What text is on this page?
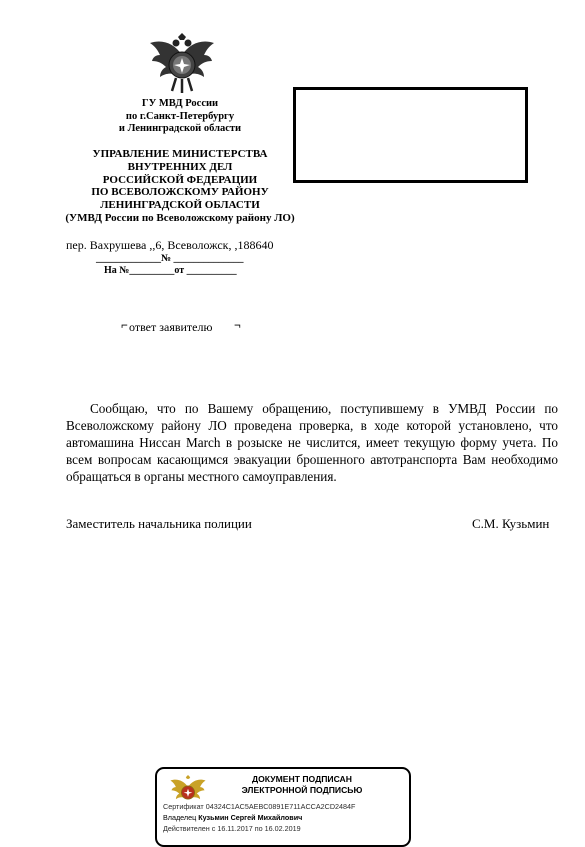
ГУ МВД России
по г.Санкт-Петербургу
и Ленинградской области
УПРАВЛЕНИЕ МИНИСТЕРСТВА
ВНУТРЕННИХ ДЕЛ
РОССИЙСКОЙ ФЕДЕРАЦИИ
ПО ВСЕВОЛОЖСКОМУ РАЙОНУ
ЛЕНИНГРАДСКОЙ ОБЛАСТИ
(УМВД России по Всеволожскому району ЛО)
пер. Вахрушева ,,6, Всеволожск, ,188640
_____________№ ______________
На №_________от __________
⌐ ответ заявителю ¬

Сообщаю, что по Вашему обращению, поступившему в УМВД России по Всеволожскому району ЛО проведена проверка, в ходе которой установлено, что автомашина Ниссан March в розыске не числится, имеет текущую форму учета. По всем вопросам касающимся эвакуации брошенного автотранспорта Вам необходимо обращаться в органы местного самоуправления.

Заместитель начальника полиции	С.М. Кузьмин
ДОКУМЕНТ ПОДПИСАН
ЭЛЕКТРОННОЙ ПОДПИСЬЮ
Сертификат 04324C1AC5AEBC0891E711ACCA2CD2484F
Владелец Кузьмин Сергей Михайлович
Действителен с 16.11.2017 по 16.02.2019
